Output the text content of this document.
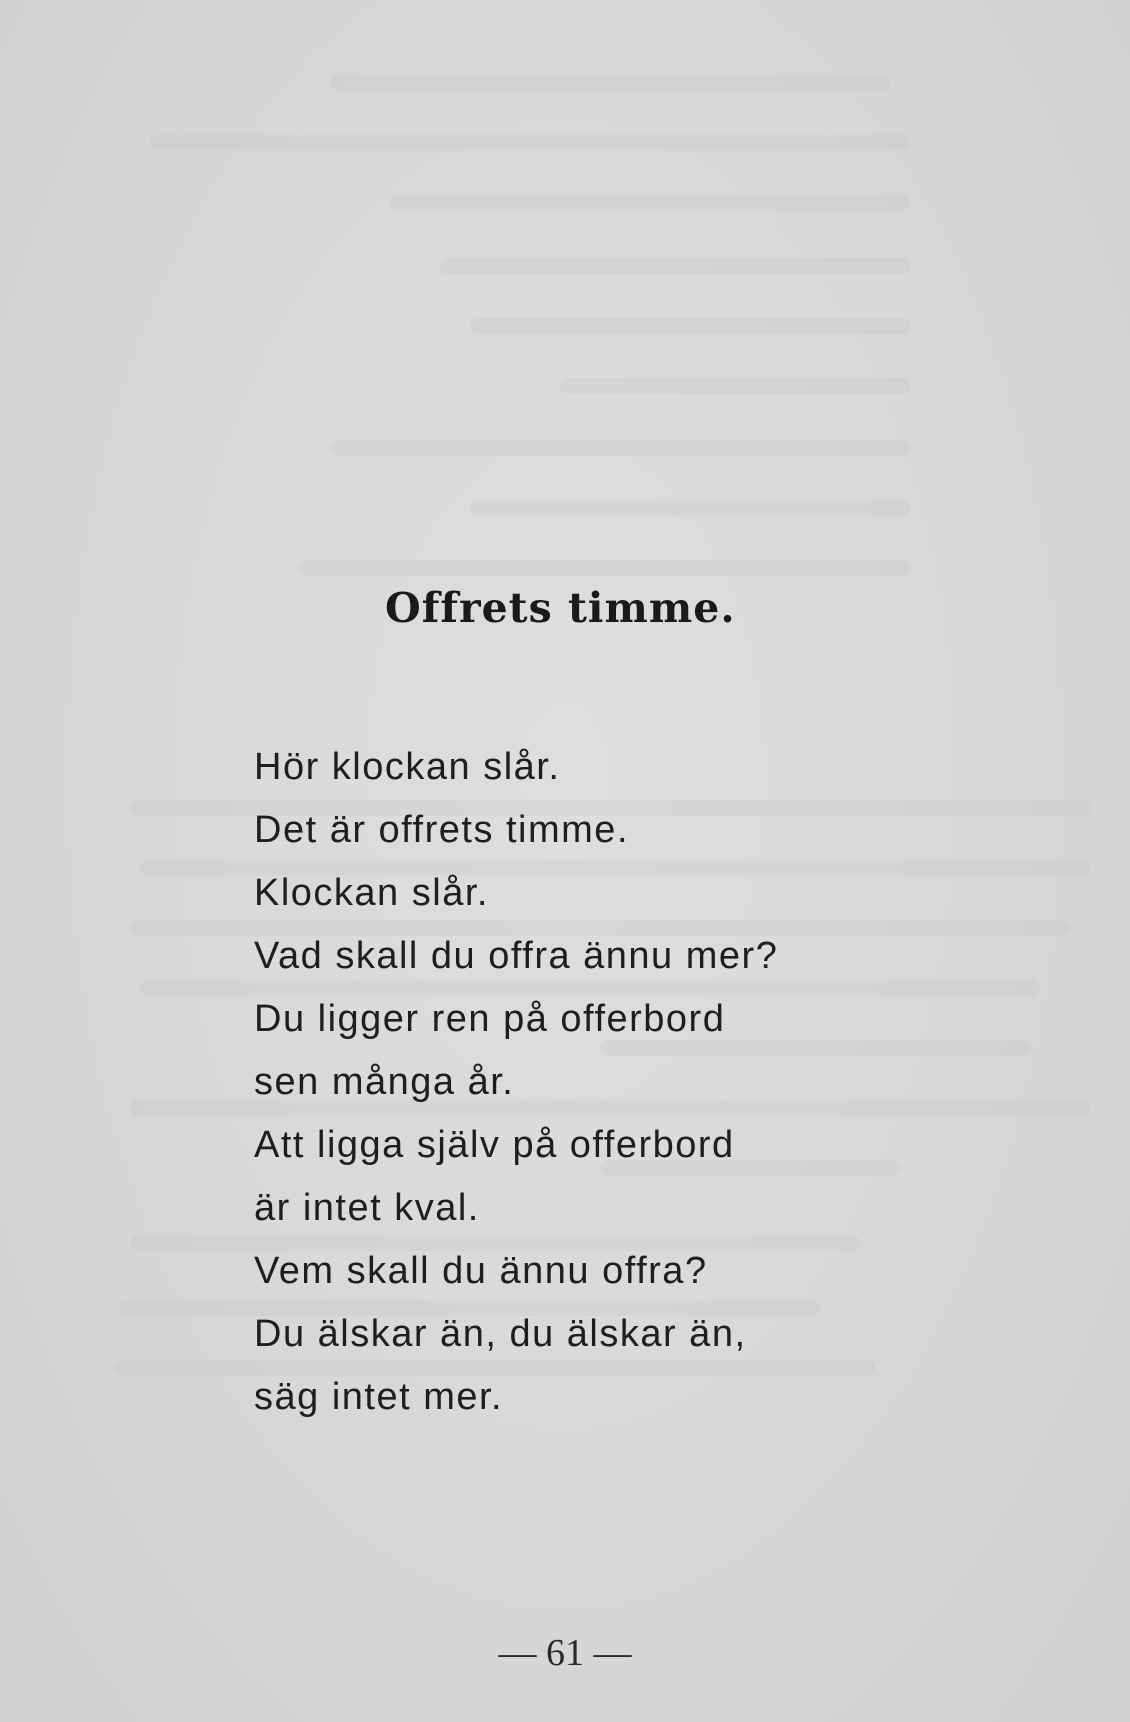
Offrets timme.
Hör klockan slår.
Det är offrets timme.
Klockan slår.
Vad skall du offra ännu mer?
Du ligger ren på offerbord
sen många år.
Att ligga själv på offerbord
är intet kval.
Vem skall du ännu offra?
Du älskar än, du älskar än,
säg intet mer.
— 61 —
